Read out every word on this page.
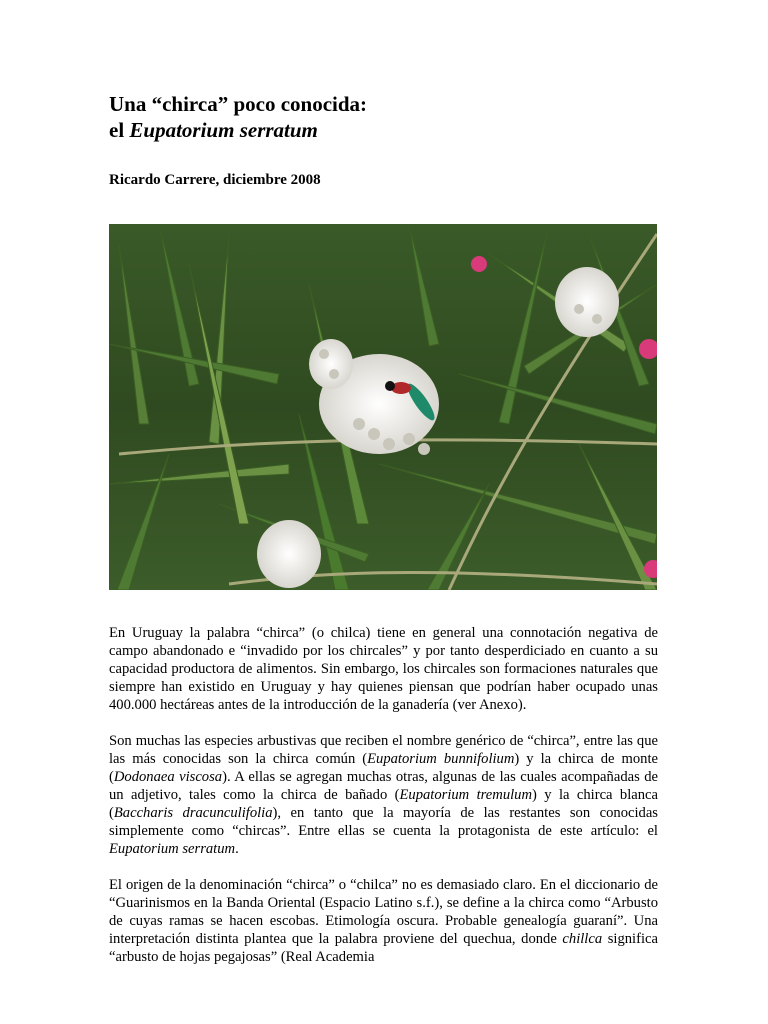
Una “chirca” poco conocida:
el Eupatorium serratum

Ricardo Carrere, diciembre 2008

En Uruguay la palabra “chirca” (o chilca) tiene en general una connotación negativa de campo abandonado e “invadido por los chircales” y por tanto desperdiciado en cuanto a su capacidad productora de alimentos. Sin embargo, los chircales son formaciones naturales que siempre han existido en Uruguay y hay quienes piensan que podrían haber ocupado unas 400.000 hectáreas antes de la introducción de la ganadería (ver Anexo).

Son muchas las especies arbustivas que reciben el nombre genérico de “chirca”, entre las que las más conocidas son la chirca común (Eupatorium bunnifolium) y la chirca de monte (Dodonaea viscosa). A ellas se agregan muchas otras, algunas de las cuales acompañadas de un adjetivo, tales como la chirca de bañado (Eupatorium tremulum) y la chirca blanca (Baccharis dracunculifolia), en tanto que la mayoría de las restantes son conocidas simplemente como “chircas”. Entre ellas se cuenta la protagonista de este artículo: el Eupatorium serratum.

El origen de la denominación “chirca” o “chilca” no es demasiado claro. En el diccionario de “Guarinismos en la Banda Oriental (Espacio Latino s.f.), se define a la chirca como “Arbusto de cuyas ramas se hacen escobas. Etimología oscura. Probable genealogía guaraní”. Una interpretación distinta plantea que la palabra proviene del quechua, donde chillca significa “arbusto de hojas pegajosas” (Real Academia
